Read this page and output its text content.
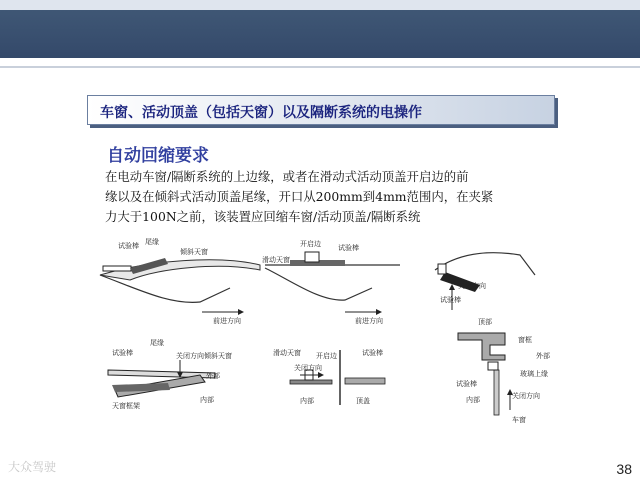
车窗、活动顶盖（包括天窗）以及隔断系统的电操作
自动回缩要求
在电动车窗/隔断系统的上边缘，或者在滑动式活动顶盖开启边的前
缘以及在倾斜式活动顶盖尾缘，开口从200mm到4mm范围内，在夹紧
力大于100N之前，该装置应回缩车窗/活动顶盖/隔断系统
试验棒 尾缘
倾斜天窗
前进方向
开启边 试验棒
滑动天窗
前进方向
试验棒
关闭方向
试验棒
尾缘
关闭方向 倾斜天窗
外部
内部
天窗框架
滑动天窗
关闭方向
开启边	试验棒
内部	顶盖
顶部
窗框
外部
玻璃上缘
试验棒
内部	关闭方向
车窗
大众驾驶	38
